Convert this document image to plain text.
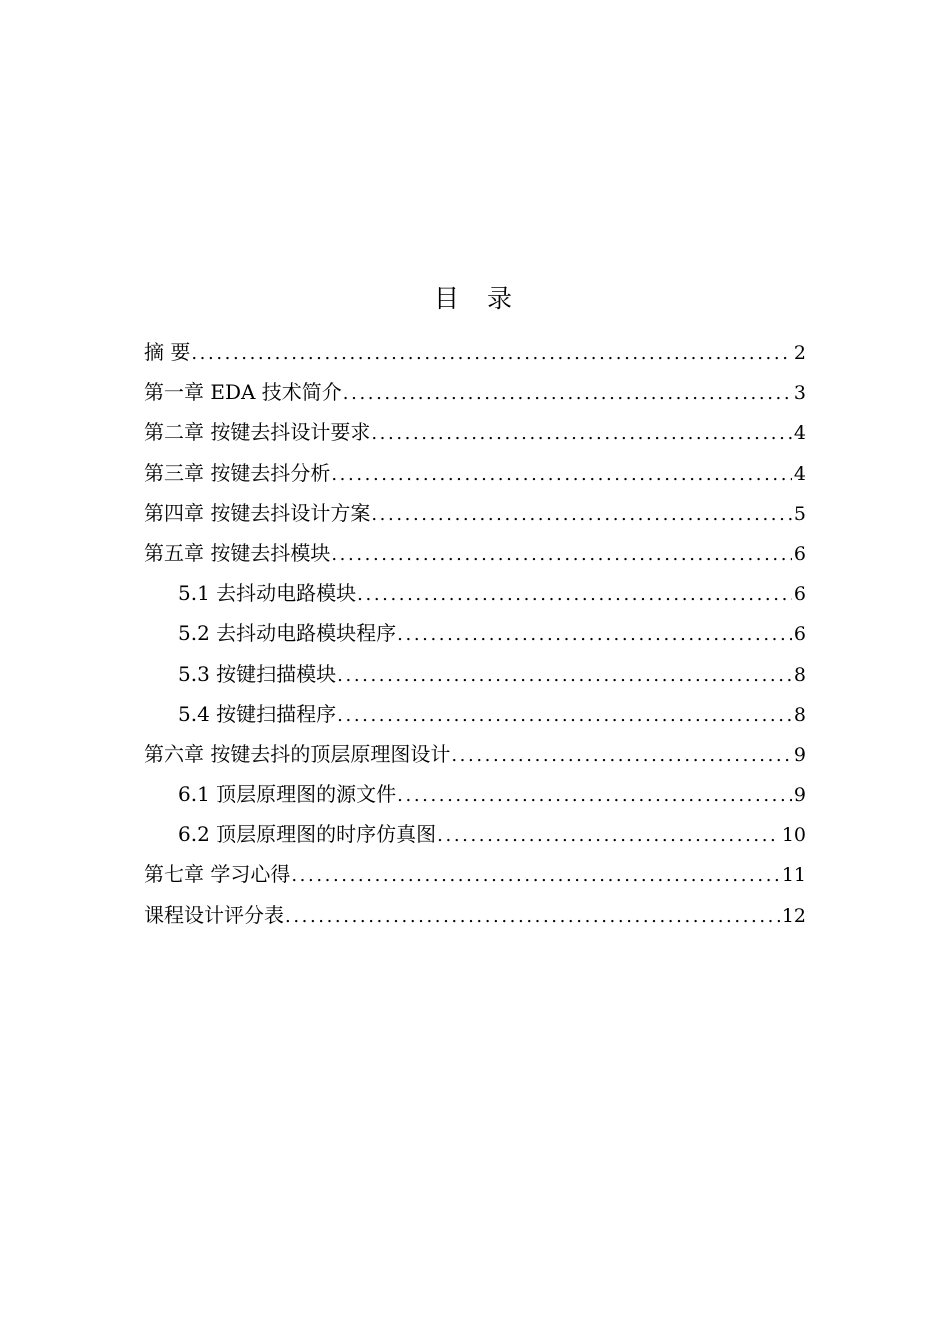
目 录
摘 要 .....	2
第一章 EDA 技术简介 .....	3
第二章 按键去抖设计要求 .....	4
第三章 按键去抖分析 .....	4
第四章 按键去抖设计方案 .....	5
第五章 按键去抖模块 .....	6
5.1 去抖动电路模块 .....	6
5.2 去抖动电路模块程序 .....	6
5.3 按键扫描模块 .....	8
5.4 按键扫描程序 .....	8
第六章 按键去抖的顶层原理图设计 .....	9
6.1 顶层原理图的源文件 .....	9
6.2 顶层原理图的时序仿真图 .....	10
第七章 学习心得 .....	11
课程设计评分表 .....	12
